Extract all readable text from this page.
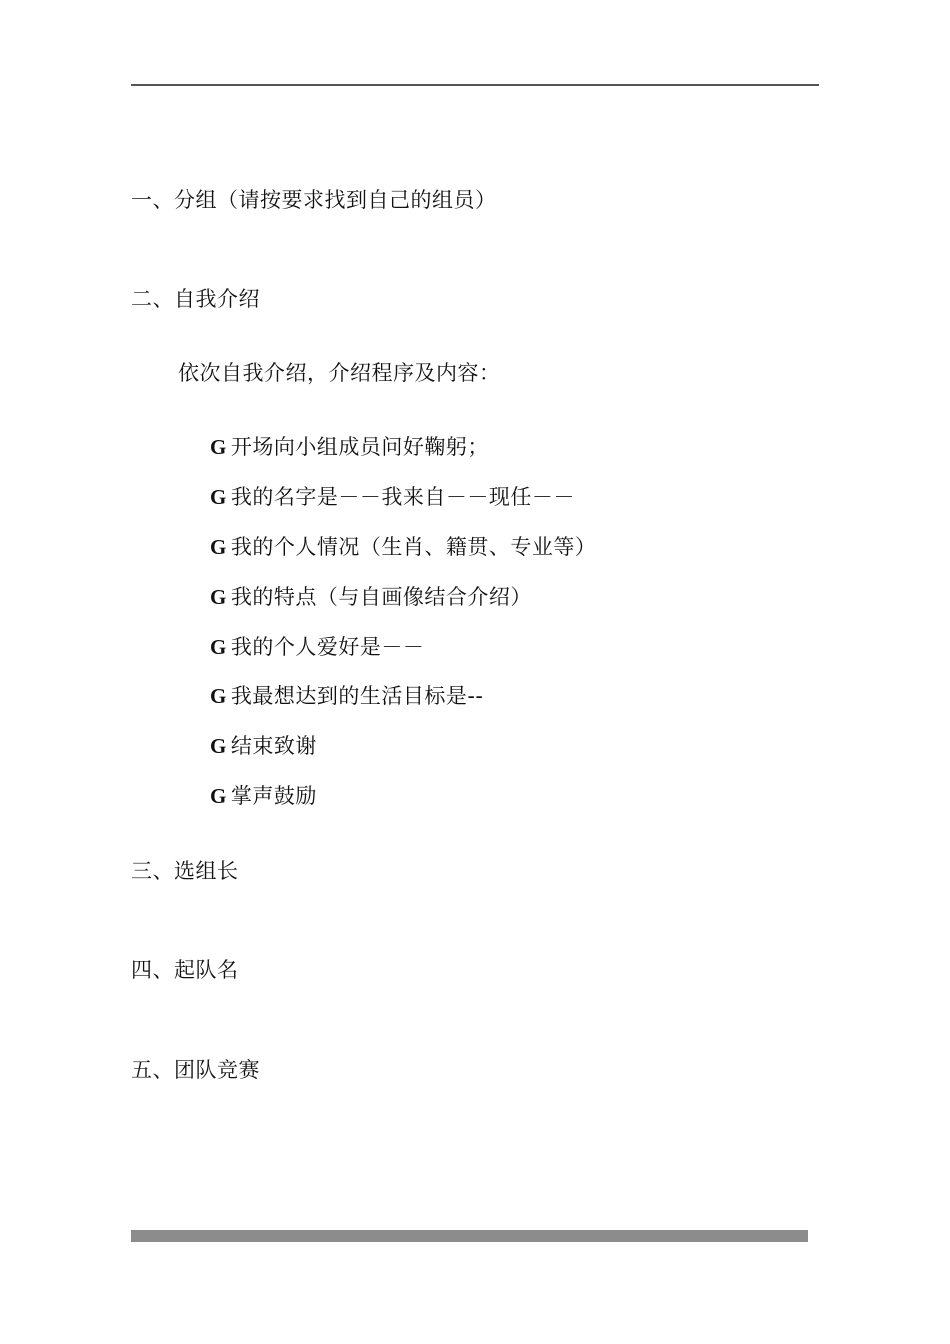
一、分组（请按要求找到自己的组员）
二、自我介绍
依次自我介绍，介绍程序及内容：
G 开场向小组成员问好鞠躬；
G 我的名字是－－我来自－－现任－－
G 我的个人情况（生肖、籍贯、专业等）
G 我的特点（与自画像结合介绍）
G 我的个人爱好是－－
G 我最想达到的生活目标是--
G 结束致谢
G 掌声鼓励
三、选组长
四、起队名
五、团队竞赛
